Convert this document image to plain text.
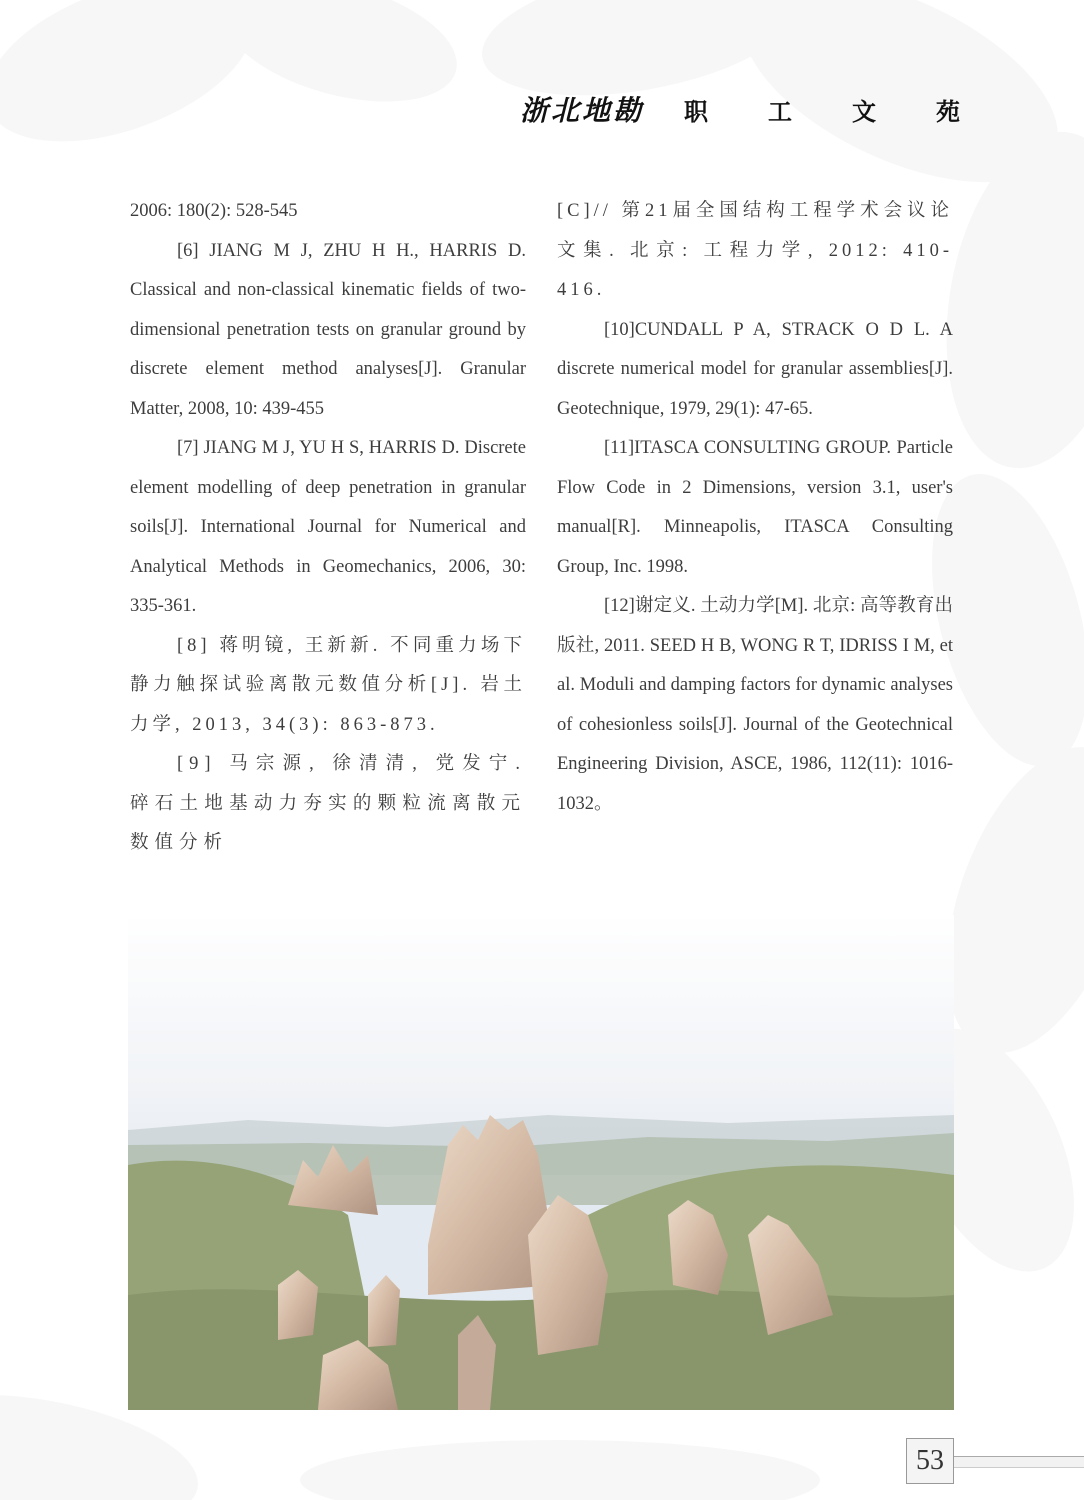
浙北地勘 职	工	文	苑

2006: 180(2): 528-545

[6] JIANG M J, ZHU H H., HARRIS D. Classical and non-classical kinematic fields of two-dimensional penetration tests on granular ground by discrete element method analyses[J]. Granular Matter, 2008, 10: 439-455

[7] JIANG M J, YU H S, HARRIS D. Discrete element modelling of deep penetration in granular soils[J]. International Journal for Numerical and Analytical Methods in Geomechanics, 2006, 30: 335-361.

[8] 蒋明镜, 王新新. 不同重力场下静力触探试验离散元数值分析[J]. 岩土力学, 2013, 34(3): 863-873.

[9] 马宗源, 徐清清, 党发宁. 碎石土地基动力夯实的颗粒流离散元数值分析

[C]// 第21届全国结构工程学术会议论文集. 北京: 工程力学, 2012: 410-416.

[10]CUNDALL P A, STRACK O D L. A discrete numerical model for granular assemblies[J]. Geotechnique, 1979, 29(1): 47-65.

[11]ITASCA CONSULTING GROUP. Particle Flow Code in 2 Dimensions, version 3.1, user's manual[R]. Minneapolis, ITASCA Consulting Group, Inc. 1998.

[12]谢定义. 土动力学[M]. 北京: 高等教育出版社, 2011. SEED H B, WONG R T, IDRISS I M, et al. Moduli and damping factors for dynamic analyses of cohesionless soils[J]. Journal of the Geotechnical Engineering Division, ASCE, 1986, 112(11): 1016-1032。

53
